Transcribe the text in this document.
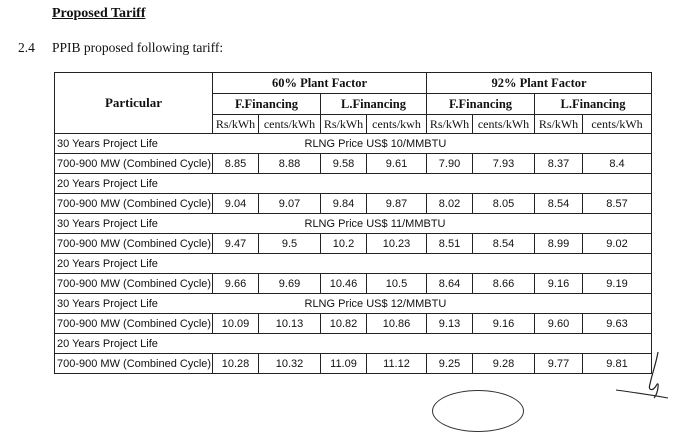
Proposed Tariff
2.4 PPIB proposed following tariff:
Particular	60% Plant Factor				92% Plant Factor			
	F.Financing		L.Financing		F.Financing		L.Financing	
	Rs/kWh	cents/kWh	Rs/kWh	cents/kwh	Rs/kWh	cents/kWh	Rs/kWh	cents/kWh
30 Years Project Life	RLNG Price US$ 10/MMBTU							
700-900 MW (Combined Cycle)	8.85	8.88	9.58	9.61	7.90	7.93	8.37	8.4
20 Years Project Life								
700-900 MW (Combined Cycle)	9.04	9.07	9.84	9.87	8.02	8.05	8.54	8.57
30 Years Project Life	RLNG Price US$ 11/MMBTU							
700-900 MW (Combined Cycle)	9.47	9.5	10.2	10.23	8.51	8.54	8.99	9.02
20 Years Project Life								
700-900 MW (Combined Cycle)	9.66	9.69	10.46	10.5	8.64	8.66	9.16	9.19
30 Years Project Life	RLNG Price US$ 12/MMBTU							
700-900 MW (Combined Cycle)	10.09	10.13	10.82	10.86	9.13	9.16	9.60	9.63
20 Years Project Life								
700-900 MW (Combined Cycle)	10.28	10.32	11.09	11.12	9.25	9.28	9.77	9.81
